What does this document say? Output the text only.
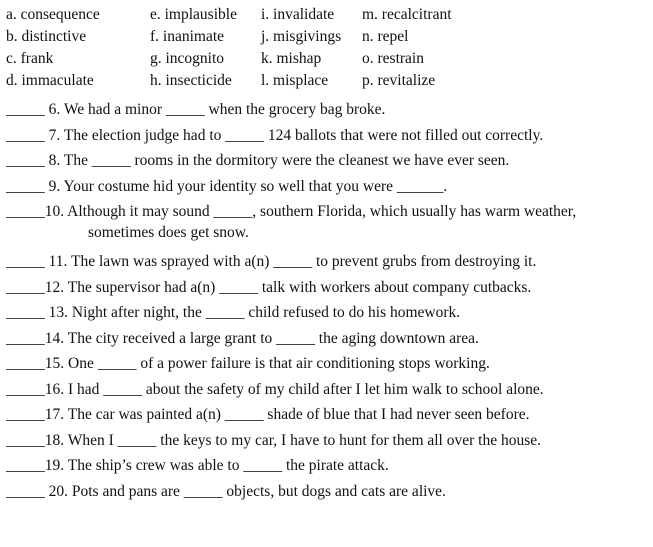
a. consequence	e. implausible i. invalidate m. recalcitrant
b. distinctive	f. inanimate j. misgivings n. repel
c. frank	g. incognito k. mishap	o. restrain
d. immaculate	h. insecticide l. misplace p. revitalize
_____ 6. We had a minor _____ when the grocery bag broke.
_____ 7. The election judge had to _____ 124 ballots that were not filled out correctly.
_____ 8. The _____ rooms in the dormitory were the cleanest we have ever seen.
_____ 9. Your costume hid your identity so well that you were ______.
_____10. Although it may sound _____, southern Florida, which usually has warm weather,
sometimes does get snow.
_____ 11. The lawn was sprayed with a(n) _____ to prevent grubs from destroying it.
_____12. The supervisor had a(n) _____ talk with workers about company cutbacks.
_____ 13. Night after night, the _____ child refused to do his homework.
_____14. The city received a large grant to _____ the aging downtown area.
_____15. One _____ of a power failure is that air conditioning stops working.
_____16. I had _____ about the safety of my child after I let him walk to school alone.
_____17. The car was painted a(n) _____ shade of blue that I had never seen before.
_____18. When I _____ the keys to my car, I have to hunt for them all over the house.
_____19. The ship’s crew was able to _____ the pirate attack.
_____ 20. Pots and pans are _____ objects, but dogs and cats are alive.
